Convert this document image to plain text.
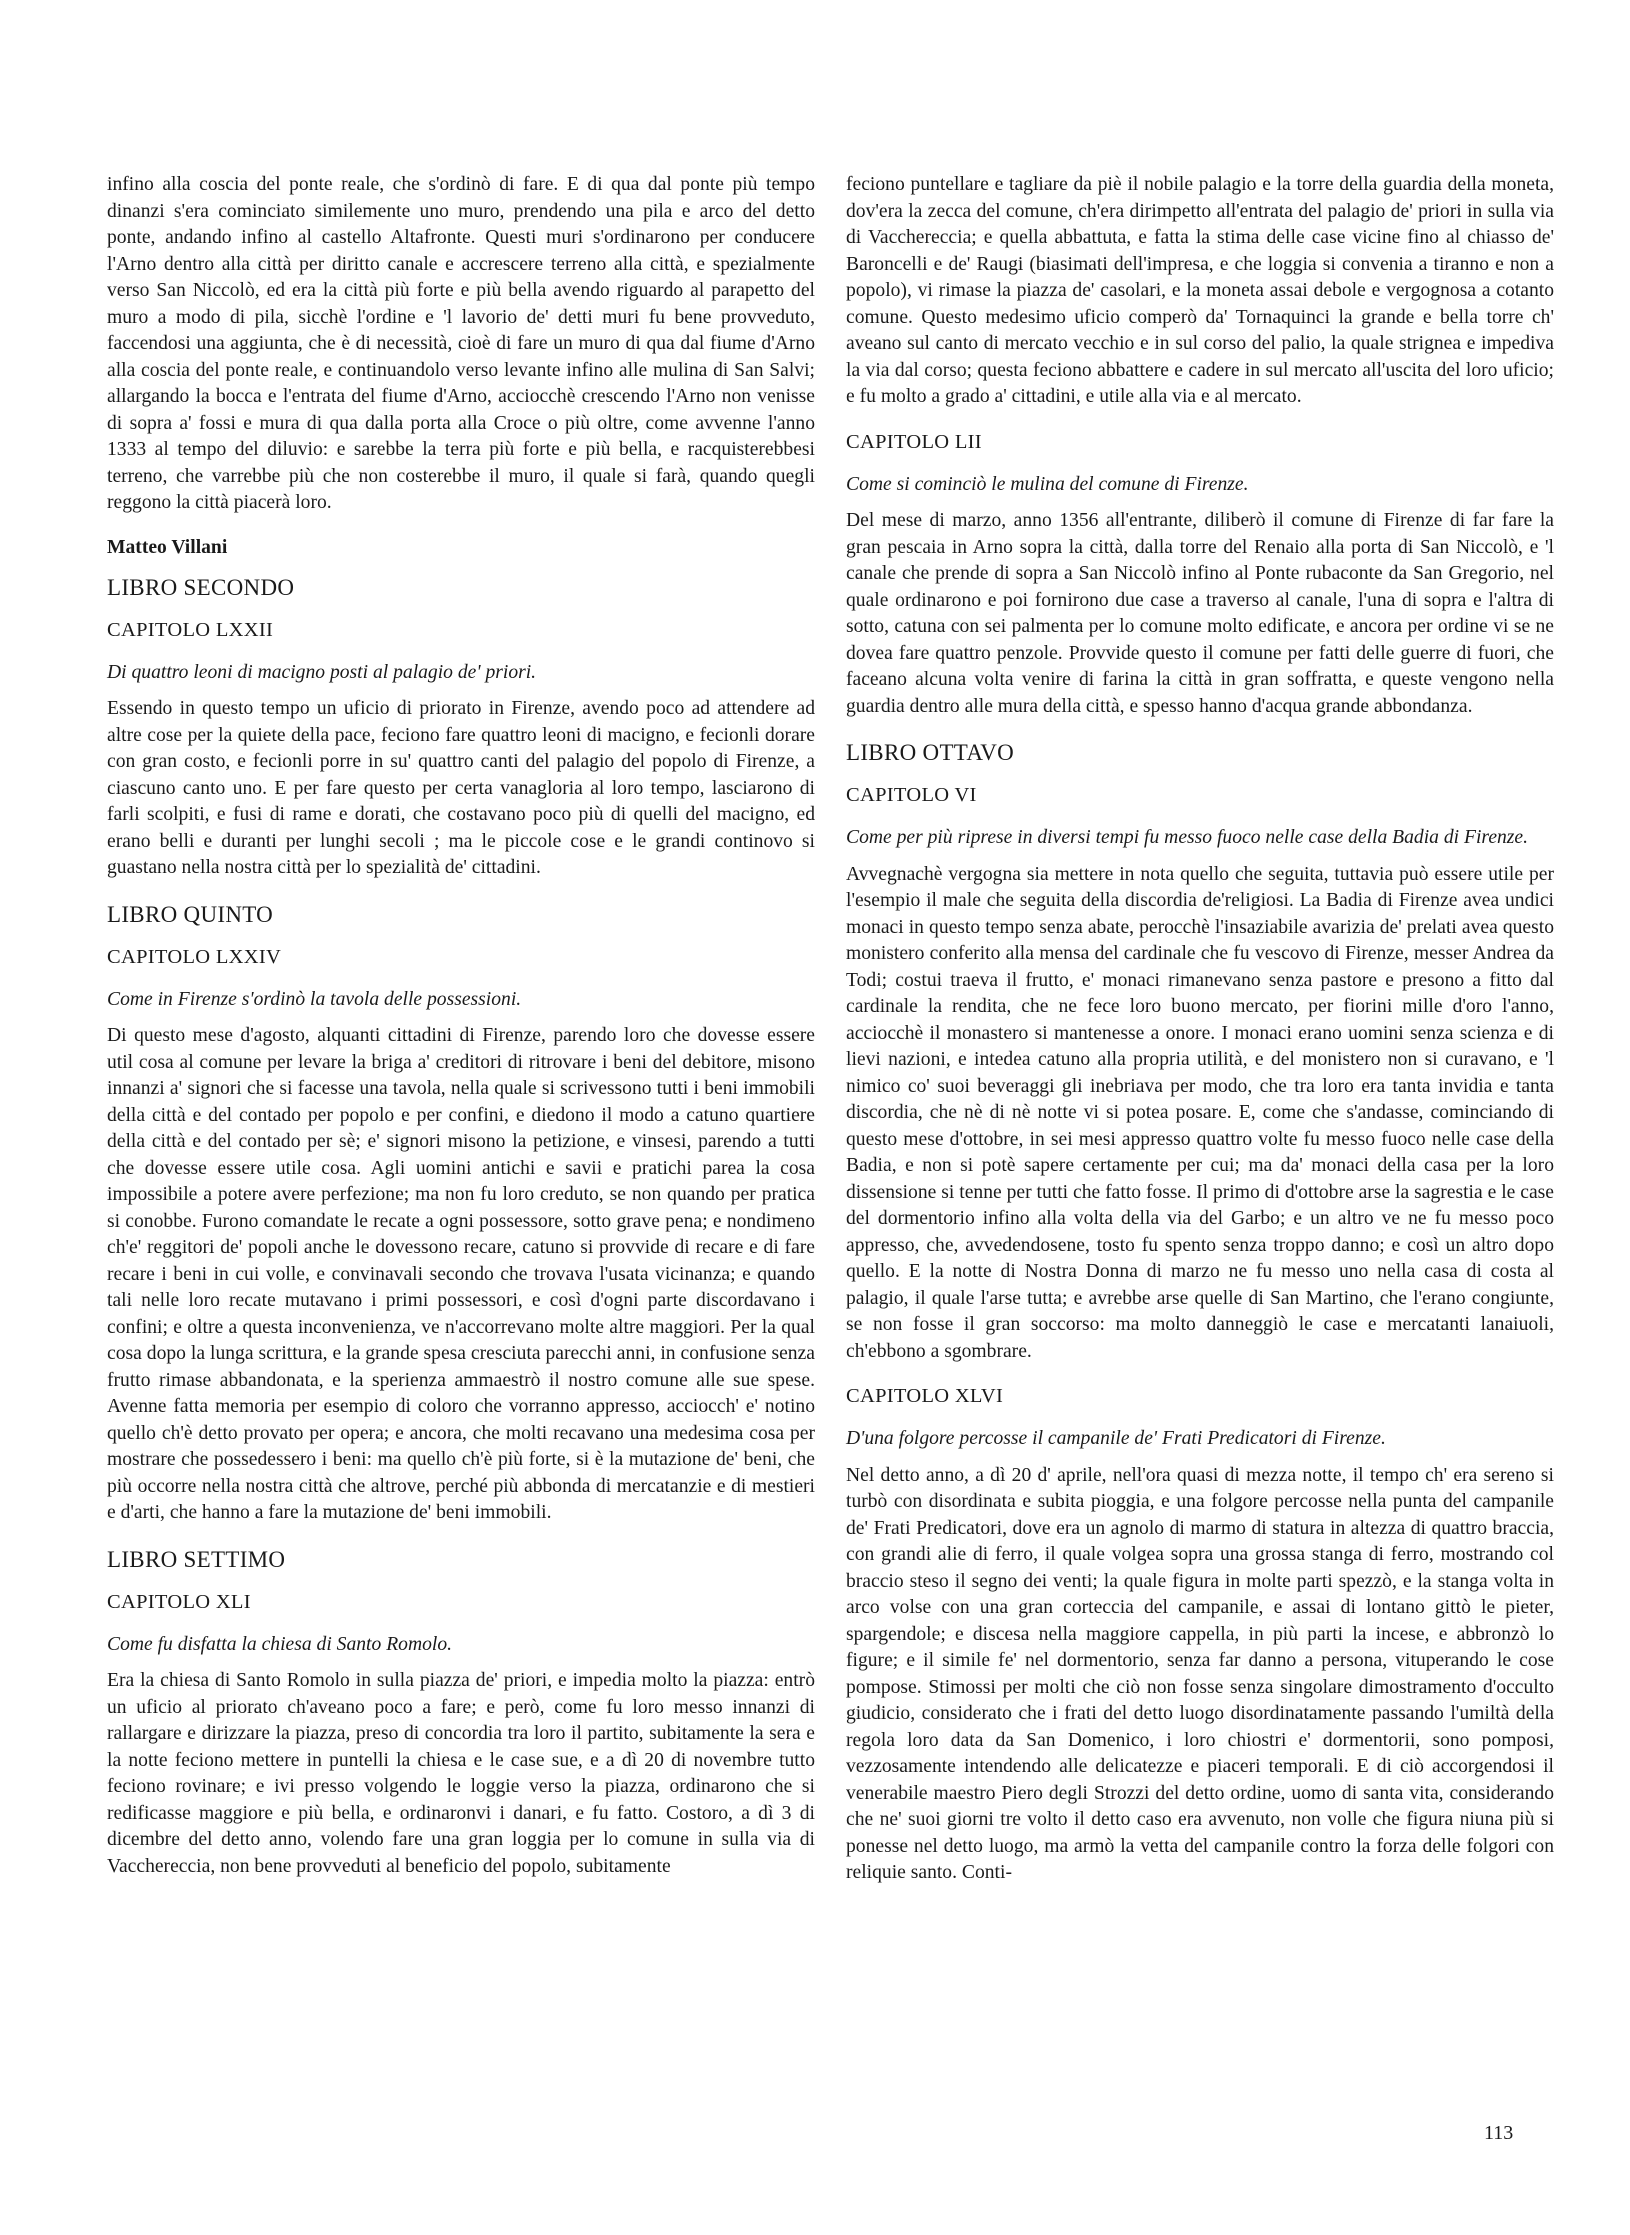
infino alla coscia del ponte reale, che s'ordinò di fare. E di qua dal ponte più tempo dinanzi s'era cominciato similemente uno muro, prendendo una pila e arco del detto ponte, andando infino al castello Altafronte. Questi muri s'ordinarono per conducere l'Arno dentro alla città per diritto canale e accrescere terreno alla città, e spezialmente verso San Niccolò, ed era la città più forte e più bella avendo riguardo al parapetto del muro a modo di pila, sicchè l'ordine e 'l lavorio de' detti muri fu bene provveduto, faccendosi una aggiunta, che è di necessità, cioè di fare un muro di qua dal fiume d'Arno alla coscia del ponte reale, e continuandolo verso levante infino alle mulina di San Salvi; allargando la bocca e l'entrata del fiume d'Arno, acciocchè crescendo l'Arno non venisse di sopra a' fossi e mura di qua dalla porta alla Croce o più oltre, come avvenne l'anno 1333 al tempo del diluvio: e sarebbe la terra più forte e più bella, e racquisterebbesi terreno, che varrebbe più che non costerebbe il muro, il quale si farà, quando quegli reggono la città piacerà loro.

Matteo Villani
LIBRO SECONDO
CAPITOLO LXXII
Di quattro leoni di macigno posti al palagio de' priori.

Essendo in questo tempo un uficio di priorato in Firenze, avendo poco ad attendere ad altre cose per la quiete della pace, feciono fare quattro leoni di macigno, e fecionli dorare con gran costo, e fecionli porre in su' quattro canti del palagio del popolo di Firenze, a ciascuno canto uno. E per fare questo per certa vanagloria al loro tempo, lasciarono di farli scolpiti, e fusi di rame e dorati, che costavano poco più di quelli del macigno, ed erano belli e duranti per lunghi secoli ; ma le piccole cose e le grandi continovo si guastano nella nostra città per lo spezialità de' cittadini.

LIBRO QUINTO
CAPITOLO LXXIV
Come in Firenze s'ordinò la tavola delle possessioni.

Di questo mese d'agosto, alquanti cittadini di Firenze, parendo loro che dovesse essere util cosa al comune per levare la briga a' creditori di ritrovare i beni del debitore, misono innanzi a' signori che si facesse una tavola, nella quale si scrivessono tutti i beni immobili della città e del contado per popolo e per confini, e diedono il modo a catuno quartiere della città e del contado per sè; e' signori misono la petizione, e vinsesi, parendo a tutti che dovesse essere utile cosa. Agli uomini antichi e savii e pratichi parea la cosa impossibile a potere avere perfezione; ma non fu loro creduto, se non quando per pratica si conobbe. Furono comandate le recate a ogni possessore, sotto grave pena; e nondimeno ch'e' reggitori de' popoli anche le dovessono recare, catuno si provvide di recare e di fare recare i beni in cui volle, e convinavali secondo che trovava l'usata vicinanza; e quando tali nelle loro recate mutavano i primi possessori, e così d'ogni parte discordavano i confini; e oltre a questa inconvenienza, ve n'accorrevano molte altre maggiori. Per la qual cosa dopo la lunga scrittura, e la grande spesa cresciuta parecchi anni, in confusione senza frutto rimase abbandonata, e la sperienza ammaestrò il nostro comune alle sue spese. Avenne fatta memoria per esempio di coloro che vorranno appresso, acciocch' e' notino quello ch'è detto provato per opera; e ancora, che molti recavano una medesima cosa per mostrare che possedessero i beni: ma quello ch'è più forte, si è la mutazione de' beni, che più occorre nella nostra città che altrove, perché più abbonda di mercatanzie e di mestieri e d'arti, che hanno a fare la mutazione de' beni immobili.

LIBRO SETTIMO
CAPITOLO XLI
Come fu disfatta la chiesa di Santo Romolo.

Era la chiesa di Santo Romolo in sulla piazza de' priori, e impedia molto la piazza: entrò un uficio al priorato ch'aveano poco a fare; e però, come fu loro messo innanzi di rallargare e dirizzare la piazza, preso di concordia tra loro il partito, subitamente la sera e la notte feciono mettere in puntelli la chiesa e le case sue, e a dì 20 di novembre tutto feciono rovinare; e ivi presso volgendo le loggie verso la piazza, ordinarono che si redificasse maggiore e più bella, e ordinaronvi i danari, e fu fatto. Costoro, a dì 3 di dicembre del detto anno, volendo fare una gran loggia per lo comune in sulla via di Vacchereccia, non bene provveduti al beneficio del popolo, subitamente

feciono puntellare e tagliare da piè il nobile palagio e la torre della guardia della moneta, dov'era la zecca del comune, ch'era dirimpetto all'entrata del palagio de' priori in sulla via di Vacchereccia; e quella abbattuta, e fatta la stima delle case vicine fino al chiasso de' Baroncelli e de' Raugi (biasimati dell'impresa, e che loggia si convenia a tiranno e non a popolo), vi rimase la piazza de' casolari, e la moneta assai debole e vergognosa a cotanto comune. Questo medesimo uficio comperò da' Tornaquinci la grande e bella torre ch' aveano sul canto di mercato vecchio e in sul corso del palio, la quale strignea e impediva la via dal corso; questa feciono abbattere e cadere in sul mercato all'uscita del loro uficio; e fu molto a grado a' cittadini, e utile alla via e al mercato.

CAPITOLO LII
Come si cominciò le mulina del comune di Firenze.

Del mese di marzo, anno 1356 all'entrante, diliberò il comune di Firenze di far fare la gran pescaia in Arno sopra la città, dalla torre del Renaio alla porta di San Niccolò, e 'l canale che prende di sopra a San Niccolò infino al Ponte rubaconte da San Gregorio, nel quale ordinarono e poi fornirono due case a traverso al canale, l'una di sopra e l'altra di sotto, catuna con sei palmenta per lo comune molto edificate, e ancora per ordine vi se ne dovea fare quattro penzole. Provvide questo il comune per fatti delle guerre di fuori, che faceano alcuna volta venire di farina la città in gran soffratta, e queste vengono nella guardia dentro alle mura della città, e spesso hanno d'acqua grande abbondanza.

LIBRO OTTAVO
CAPITOLO VI
Come per più riprese in diversi tempi fu messo fuoco nelle case della Badia di Firenze.

Avvegnachè vergogna sia mettere in nota quello che seguita, tuttavia può essere utile per l'esempio il male che seguita della discordia de'religiosi. La Badia di Firenze avea undici monaci in questo tempo senza abate, perocchè l'insaziabile avarizia de' prelati avea questo monistero conferito alla mensa del cardinale che fu vescovo di Firenze, messer Andrea da Todi; costui traeva il frutto, e' monaci rimanevano senza pastore e presono a fitto dal cardinale la rendita, che ne fece loro buono mercato, per fiorini mille d'oro l'anno, acciocchè il monastero si mantenesse a onore. I monaci erano uomini senza scienza e di lievi nazioni, e intedea catuno alla propria utilità, e del monistero non si curavano, e 'l nimico co' suoi beveraggi gli inebriava per modo, che tra loro era tanta invidia e tanta discordia, che nè di nè notte vi si potea posare. E, come che s'andasse, cominciando di questo mese d'ottobre, in sei mesi appresso quattro volte fu messo fuoco nelle case della Badia, e non si potè sapere certamente per cui; ma da' monaci della casa per la loro dissensione si tenne per tutti che fatto fosse. Il primo di d'ottobre arse la sagrestia e le case del dormentorio infino alla volta della via del Garbo; e un altro ve ne fu messo poco appresso, che, avvedendosene, tosto fu spento senza troppo danno; e così un altro dopo quello. E la notte di Nostra Donna di marzo ne fu messo uno nella casa di costa al palagio, il quale l'arse tutta; e avrebbe arse quelle di San Martino, che l'erano congiunte, se non fosse il gran soccorso: ma molto danneggiò le case e mercatanti lanaiuoli, ch'ebbono a sgombrare.

CAPITOLO XLVI
D'una folgore percosse il campanile de' Frati Predicatori di Firenze.

Nel detto anno, a dì 20 d' aprile, nell'ora quasi di mezza notte, il tempo ch' era sereno si turbò con disordinata e subita pioggia, e una folgore percosse nella punta del campanile de' Frati Predicatori, dove era un agnolo di marmo di statura in altezza di quattro braccia, con grandi alie di ferro, il quale volgea sopra una grossa stanga di ferro, mostrando col braccio steso il segno dei venti; la quale figura in molte parti spezzò, e la stanga volta in arco volse con una gran corteccia del campanile, e assai di lontano gittò le pieter, spargendole; e discesa nella maggiore cappella, in più parti la incese, e abbronzò lo figure; e il simile fe' nel dormentorio, senza far danno a persona, vituperando le cose pompose. Stimossi per molti che ciò non fosse senza singolare dimostramento d'occulto giudicio, considerato che i frati del detto luogo disordinatamente passando l'umiltà della regola loro data da San Domenico, i loro chiostri e' dormentorii, sono pomposi, vezzosamente intendendo alle delicatezze e piaceri temporali. E di ciò accorgendosi il venerabile maestro Piero degli Strozzi del detto ordine, uomo di santa vita, considerando che ne' suoi giorni tre volto il detto caso era avvenuto, non volle che figura niuna più si ponesse nel detto luogo, ma armò la vetta del campanile contro la forza delle folgori con reliquie santo. Conti-

113
